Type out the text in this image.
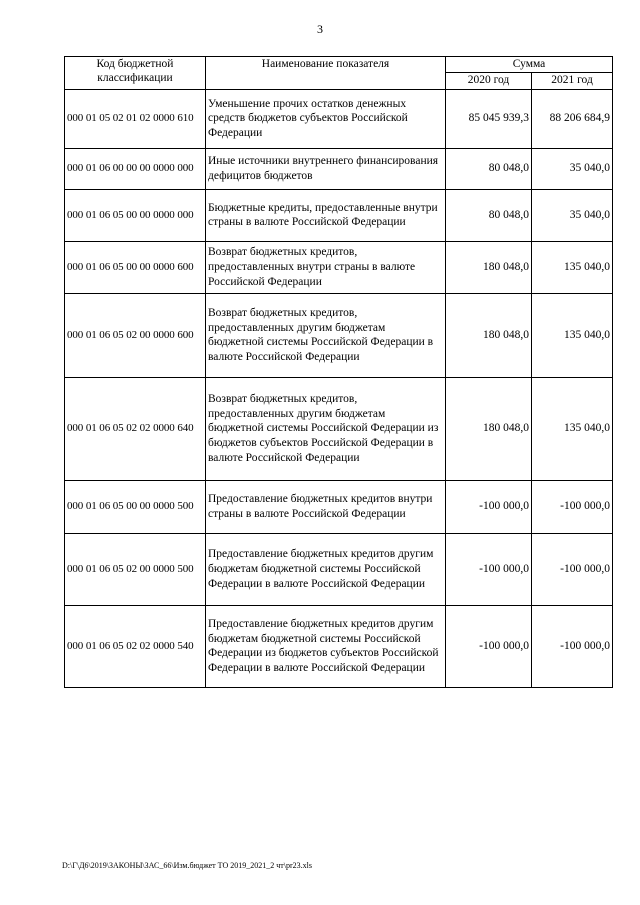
3
Код бюджетной классификации	Наименование показателя	Сумма	
		2020 год	2021 год
000 01 05 02 01 02 0000 610	Уменьшение прочих остатков денежных средств бюджетов субъектов Российской Федерации	85 045 939,3	88 206 684,9
000 01 06 00 00 00 0000 000	Иные источники внутреннего финансирования дефицитов бюджетов	80 048,0	35 040,0
000 01 06 05 00 00 0000 000	Бюджетные кредиты, предоставленные внутри страны в валюте Российской Федерации	80 048,0	35 040,0
000 01 06 05 00 00 0000 600	Возврат бюджетных кредитов, предоставленных внутри страны в валюте Российской Федерации	180 048,0	135 040,0
000 01 06 05 02 00 0000 600	Возврат бюджетных кредитов, предоставленных другим бюджетам бюджетной системы Российской Федерации в валюте Российской Федерации	180 048,0	135 040,0
000 01 06 05 02 02 0000 640	Возврат бюджетных кредитов, предоставленных другим бюджетам бюджетной системы Российской Федерации из бюджетов субъектов Российской Федерации в валюте Российской Федерации	180 048,0	135 040,0
000 01 06 05 00 00 0000 500	Предоставление бюджетных кредитов внутри страны в валюте Российской Федерации	-100 000,0	-100 000,0
000 01 06 05 02 00 0000 500	Предоставление бюджетных кредитов другим бюджетам бюджетной системы Российской Федерации в валюте Российской Федерации	-100 000,0	-100 000,0
000 01 06 05 02 02 0000 540	Предоставление бюджетных кредитов другим бюджетам бюджетной системы Российской Федерации из бюджетов субъектов Российской Федерации в валюте Российской Федерации	-100 000,0	-100 000,0
D:\Г\Д6\2019\ЗАКОНЫ\ЗАС_66\Изм.бюджет ТО 2019_2021_2 чт\pr23.xls
